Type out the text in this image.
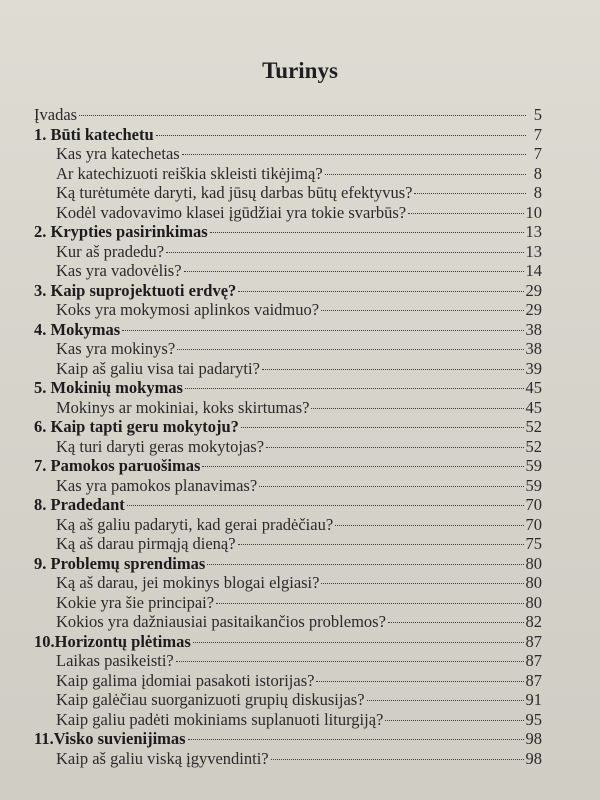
Turinys
Įvadas	5
1. Būti katechetu	7
Kas yra katechetas	7
Ar katechizuoti reiškia skleisti tikėjimą?	8
Ką turėtumėte daryti, kad jūsų darbas būtų efektyvus?	8
Kodėl vadovavimo klasei įgūdžiai yra tokie svarbūs?	10
2. Krypties pasirinkimas	13
Kur aš pradedu?	13
Kas yra vadovėlis?	14
3. Kaip suprojektuoti erdvę?	29
Koks yra mokymosi aplinkos vaidmuo?	29
4. Mokymas	38
Kas yra mokinys?	38
Kaip aš galiu visa tai padaryti?	39
5. Mokinių mokymas	45
Mokinys ar mokiniai, koks skirtumas?	45
6. Kaip tapti geru mokytoju?	52
Ką turi daryti geras mokytojas?	52
7. Pamokos paruošimas	59
Kas yra pamokos planavimas?	59
8. Pradedant	70
Ką aš galiu padaryti, kad gerai pradėčiau?	70
Ką aš darau pirmąją dieną?	75
9. Problemų sprendimas	80
Ką aš darau, jei mokinys blogai elgiasi?	80
Kokie yra šie principai?	80
Kokios yra dažniausiai pasitaikančios problemos?	82
10.Horizontų plėtimas	87
Laikas pasikeisti?	87
Kaip galima įdomiai pasakoti istorijas?	87
Kaip galėčiau suorganizuoti grupių diskusijas?	91
Kaip galiu padėti mokiniams suplanuoti liturgiją?	95
11.Visko suvienijimas	98
Kaip aš galiu viską įgyvendinti?	98
